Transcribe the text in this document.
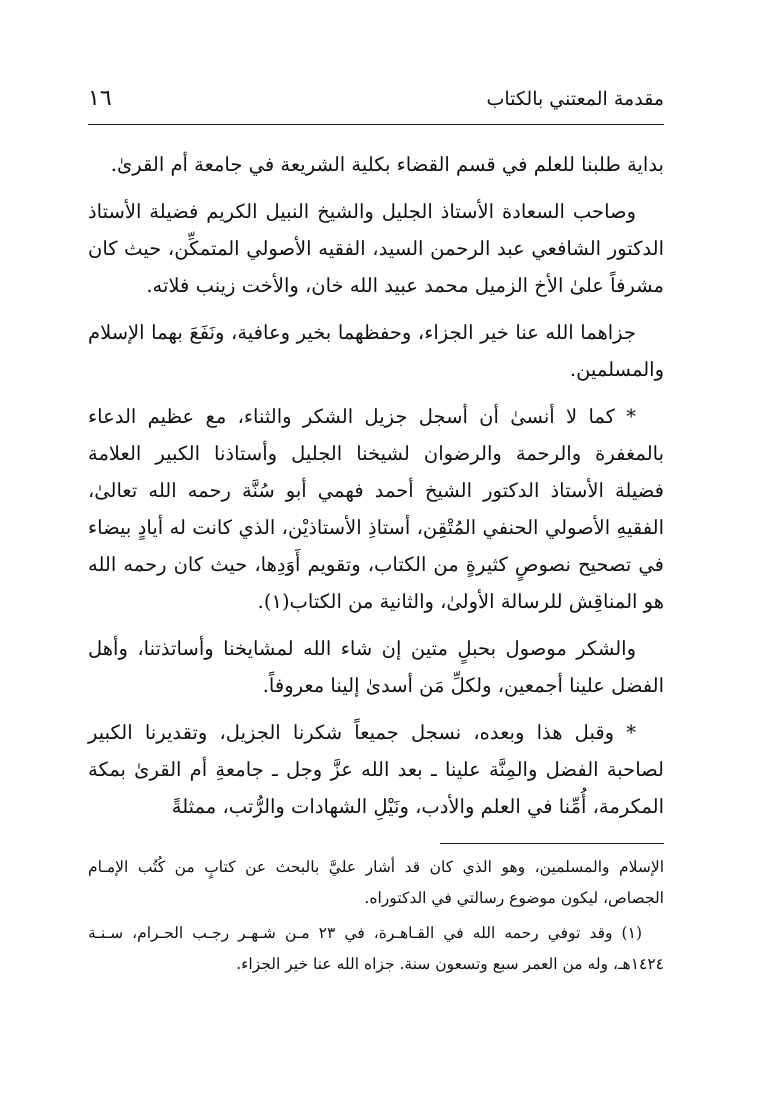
١٦	مقدمة المعتني بالكتاب

بداية طلبنا للعلم في قسم القضاء بكلية الشريعة في جامعة أم القرىٰ.

وصاحب السعادة الأستاذ الجليل والشيخ النبيل الكريم فضيلة الأستاذ الدكتور الشافعي عبد الرحمن السيد، الفقيه الأصولي المتمكِّن، حيث كان مشرفاً علىٰ الأخ الزميل محمد عبيد الله خان، والأخت زينب فلاته.

جزاهما الله عنا خير الجزاء، وحفظهما بخير وعافية، ونَفَعَ بهما الإسلام والمسلمين.

* كما لا أنسىٰ أن أسجل جزيل الشكر والثناء، مع عظيم الدعاء بالمغفرة والرحمة والرضوان لشيخنا الجليل وأستاذنا الكبير العلامة فضيلة الأستاذ الدكتور الشيخ أحمد فهمي أبو سُنَّة رحمه الله تعالىٰ، الفقيهِ الأصولي الحنفي المُتْقِن، أستاذِ الأستاذيْن، الذي كانت له أيادٍ بيضاء في تصحيح نصوصٍ كثيرةٍ من الكتاب، وتقويم أَوَدِها، حيث كان رحمه الله هو المناقِش للرسالة الأولىٰ، والثانية من الكتاب(١).

والشكر موصول بحبلٍ متين إن شاء الله لمشايخنا وأساتذتنا، وأهل الفضل علينا أجمعين، ولكلِّ مَن أسدىٰ إلينا معروفاً.

* وقبل هذا وبعده، نسجل جميعاً شكرنا الجزيل، وتقديرنا الكبير لصاحبة الفضل والمِنَّة علينا ـ بعد الله عزَّ وجل ـ جامعةِ أم القرىٰ بمكة المكرمة، أُمِّنا في العلم والأدب، ونَيْلِ الشهادات والرُّتب، ممثلةً

الإسلام والمسلمين، وهو الذي كان قد أشار عليَّ بالبحث عن كتابٍ من كُتُب الإمـام الجصاص، ليكون موضوع رسالتي في الدكتوراه.

(١) وقد توفي رحمه الله في القـاهـرة، في ٢٣ مـن شـهـر رجـب الحـرام، سـنـة ١٤٢٤هـ، وله من العمر سبع وتسعون سنة. جزاه الله عنا خير الجزاء.
